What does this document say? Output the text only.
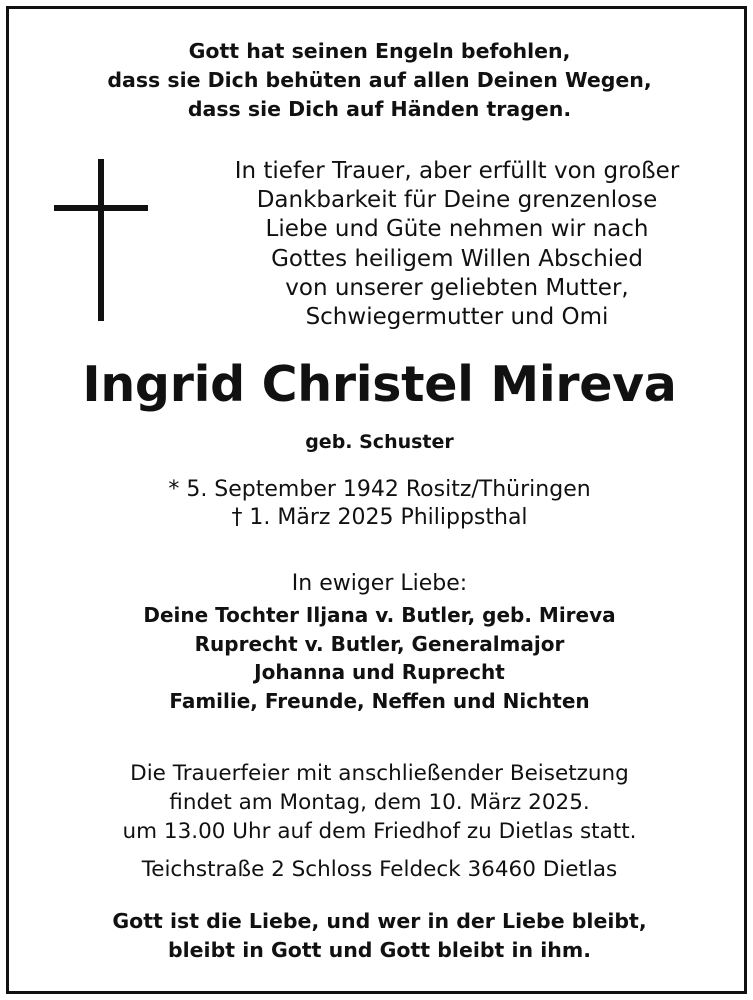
Gott hat seinen Engeln befohlen,
dass sie Dich behüten auf allen Deinen Wegen,
dass sie Dich auf Händen tragen.
In tiefer Trauer, aber erfüllt von großer
Dankbarkeit für Deine grenzenlose
Liebe und Güte nehmen wir nach
Gottes heiligem Willen Abschied
von unserer geliebten Mutter,
Schwiegermutter und Omi
Ingrid Christel Mireva
geb. Schuster
* 5. September 1942 Rositz/Thüringen
† 1. März 2025 Philippsthal
In ewiger Liebe:
Deine Tochter Iljana v. Butler, geb. Mireva
Ruprecht v. Butler, Generalmajor
Johanna und Ruprecht
Familie, Freunde, Neffen und Nichten
Die Trauerfeier mit anschließender Beisetzung
findet am Montag, dem 10. März 2025.
um 13.00 Uhr auf dem Friedhof zu Dietlas statt.
Teichstraße 2 Schloss Feldeck 36460 Dietlas
Gott ist die Liebe, und wer in der Liebe bleibt,
bleibt in Gott und Gott bleibt in ihm.
